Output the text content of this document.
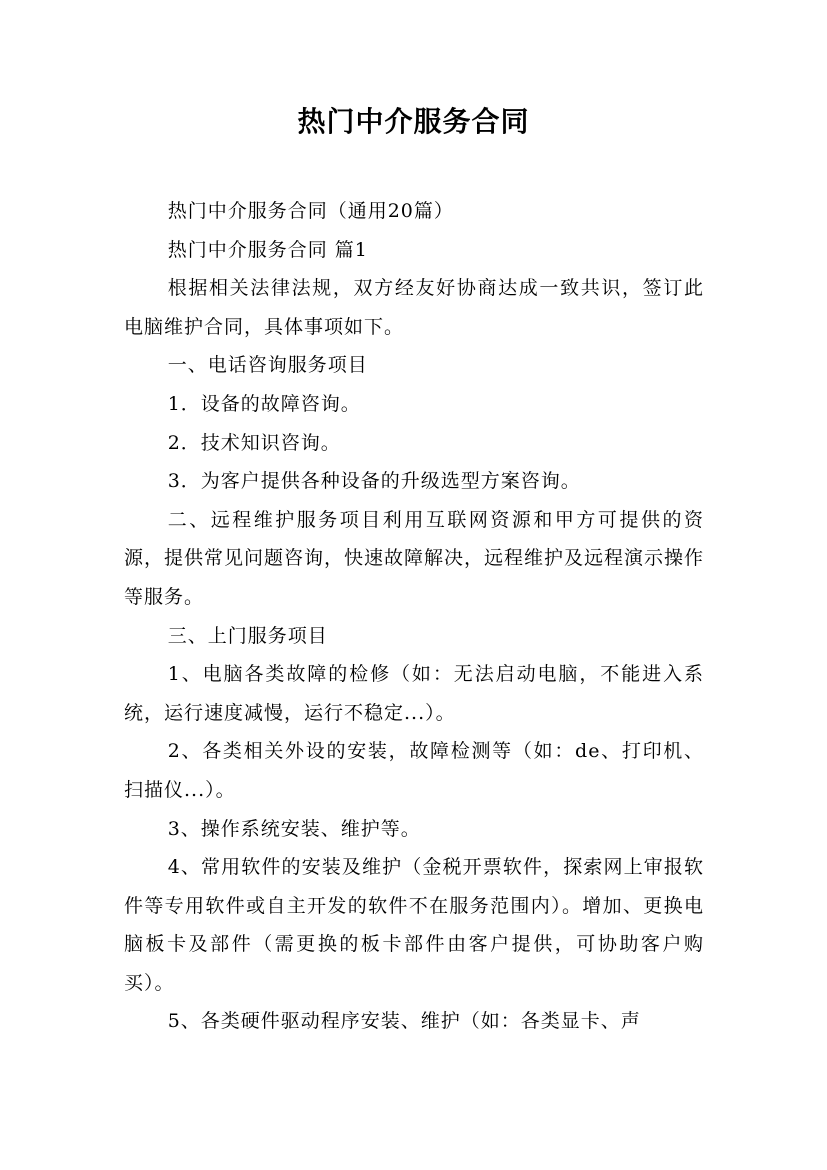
热门中介服务合同

热门中介服务合同（通用20篇）

热门中介服务合同 篇1

根据相关法律法规，双方经友好协商达成一致共识，签订此电脑维护合同，具体事项如下。

一、电话咨询服务项目

1．设备的故障咨询。

2．技术知识咨询。

3．为客户提供各种设备的升级选型方案咨询。

二、远程维护服务项目利用互联网资源和甲方可提供的资源，提供常见问题咨询，快速故障解决，远程维护及远程演示操作等服务。

三、上门服务项目

1、电脑各类故障的检修（如：无法启动电脑，不能进入系统，运行速度减慢，运行不稳定...）。

2、各类相关外设的安装，故障检测等（如：de、打印机、扫描仪...）。

3、操作系统安装、维护等。

4、常用软件的安装及维护（金税开票软件，探索网上审报软件等专用软件或自主开发的软件不在服务范围内）。增加、更换电脑板卡及部件（需更换的板卡部件由客户提供，可协助客户购买）。

5、各类硬件驱动程序安装、维护（如：各类显卡、声
